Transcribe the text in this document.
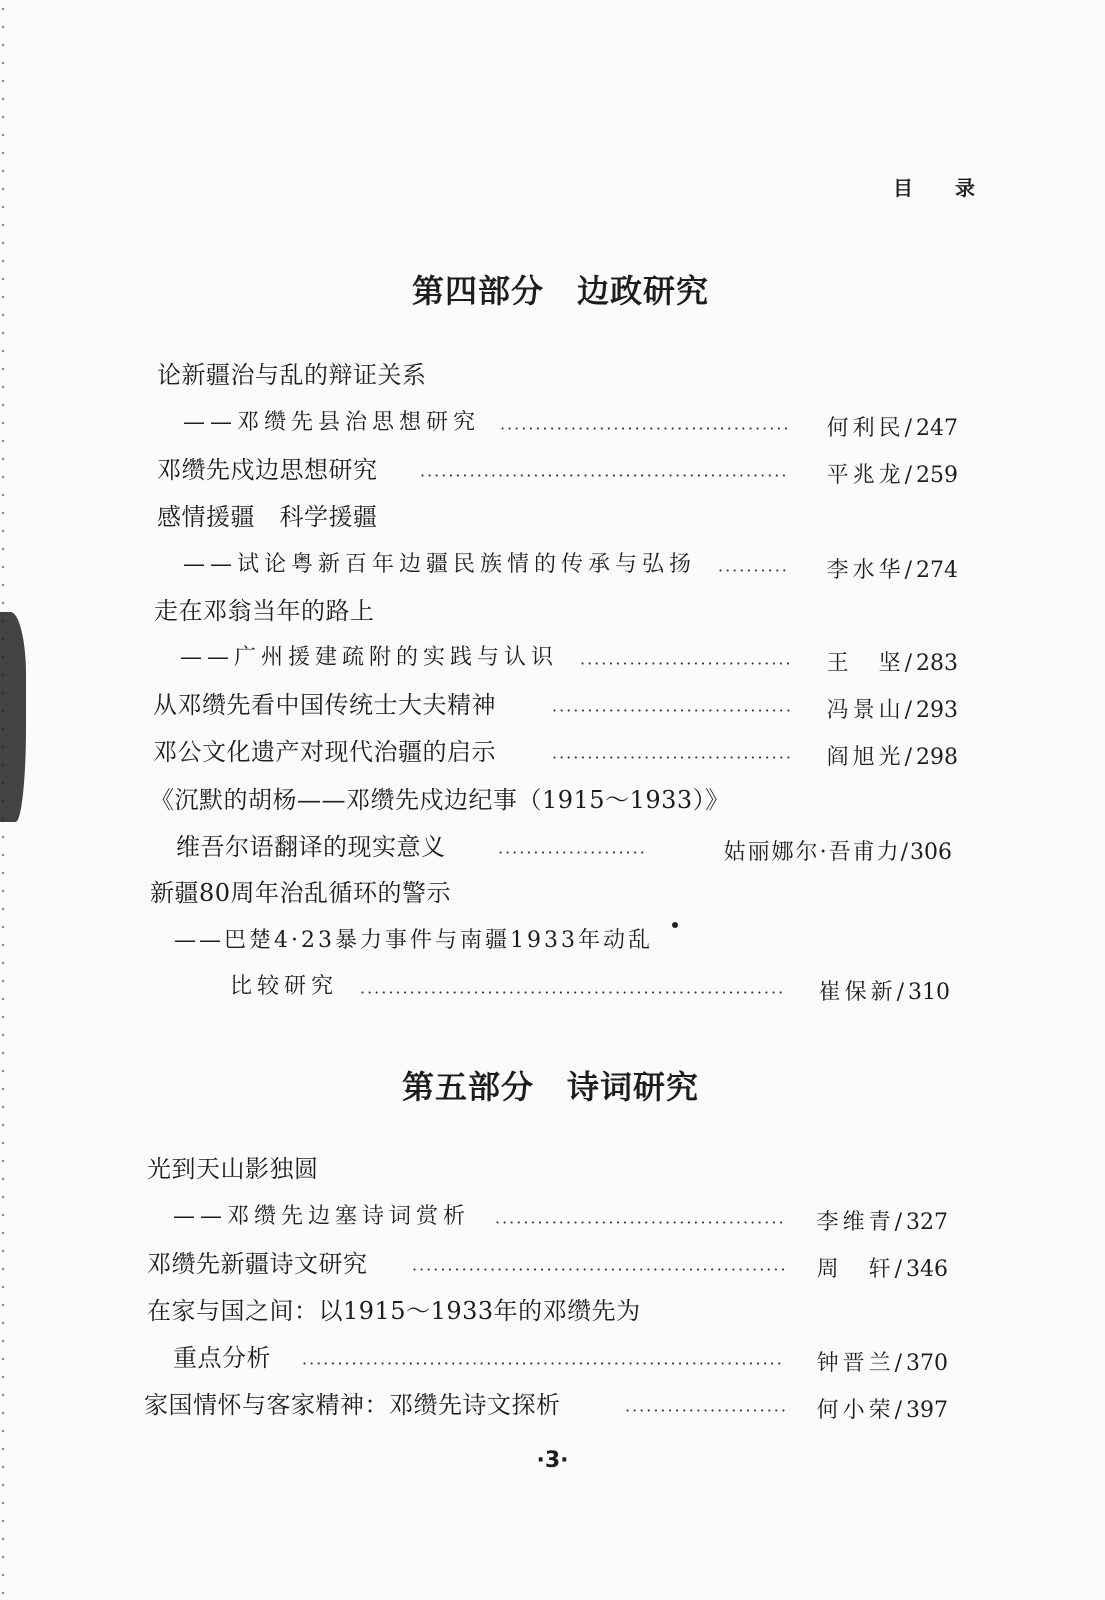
目录
第四部分　边政研究
论新疆治与乱的辩证关系
——邓缵先县治思想研究 ·····	何利民/247
邓缵先戍边思想研究 ·····	平兆龙/259
感情援疆　科学援疆
——试论粤新百年边疆民族情的传承与弘扬 ·····	李水华/274
走在邓翁当年的路上
——广州援建疏附的实践与认识 ·····	王　坚/283
从邓缵先看中国传统士大夫精神 ·····	冯景山/293
邓公文化遗产对现代治疆的启示 ·····	阎旭光/298
《沉默的胡杨——邓缵先戍边纪事（1915～1933）》
维吾尔语翻译的现实意义 ·····	姑丽娜尔·吾甫力/306
新疆80周年治乱循环的警示
——巴楚4·23暴力事件与南疆1933年动乱
比较研究 ·····	崔保新/310
第五部分　诗词研究
光到天山影独圆
——邓缵先边塞诗词赏析 ·····	李维青/327
邓缵先新疆诗文研究 ·····	周　轩/346
在家与国之间：以1915～1933年的邓缵先为
重点分析 ·····	钟晋兰/370
家国情怀与客家精神：邓缵先诗文探析 ·····	何小荣/397
·3·
